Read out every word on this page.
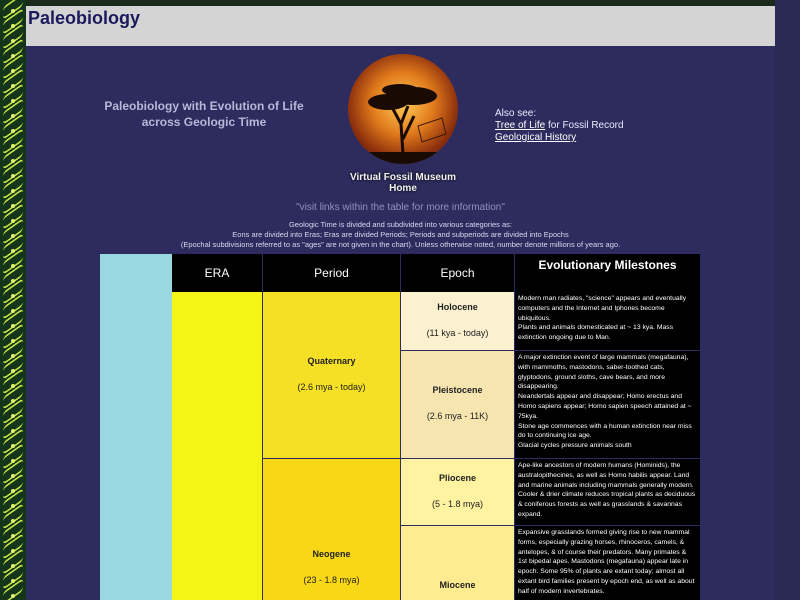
Paleobiology
Paleobiology with Evolution of Life
across Geologic Time
Virtual Fossil Museum
Home
Also see:
Tree of Life for Fossil Record
Geological History
"visit links within the table for more information"
Geologic Time is divided and subdivided into various categories as:
Eons are divided into Eras; Eras are divided Periods; Periods and subperiods are divided into Epochs
(Epochal subdivisions referred to as "ages" are not given in the chart). Unless otherwise noted, number denote millions of years ago.
ERA	Period	Epoch
Evolutionary Milestones
Quaternary
(2.6 mya - today)
Neogene
(23 - 1.8 mya)
Holocene
(11 kya - today)
Pleistocene
(2.6 mya - 11K)
Pliocene
(5 - 1.8 mya)
Miocene
Modern man radiates, "science" appears and eventually computers and the Internet and Iphones become ubiquitous.
Plants and animals domesticated at ~ 13 kya. Mass extinction ongoing due to Man.
A major extinction event of large mammals (megafauna), with mammoths, mastodons, saber-toothed cats, glyptodons, ground sloths, cave bears, and more disappearing.
Neandertals appear and disappear; Homo erectus and Homo sapiens appear; Homo sapien speech attained at ~ 75kya.
Stone age commences with a human extinction near miss do to continuing ice age.
Glacial cycles pressure animals south
Ape-like ancestors of modern humans (Hominids), the australopithecines, as well as Homo habilis appear. Land and marine animals including mammals generally modern. Cooler & drier climate reduces tropical plants as deciduous & coniferous forests as well as grasslands & savannas expand.
Expansive grasslands formed giving rise to new mammal forms, especially grazing horses, rhinoceros, camels, & antelopes, & of course their predators. Many primates & 1st bipedal apes. Mastodons (megafauna) appear late in epoch. Some 95% of plants are extant today; almost all extant bird families present by epoch end, as well as about half of modern invertebrates.
